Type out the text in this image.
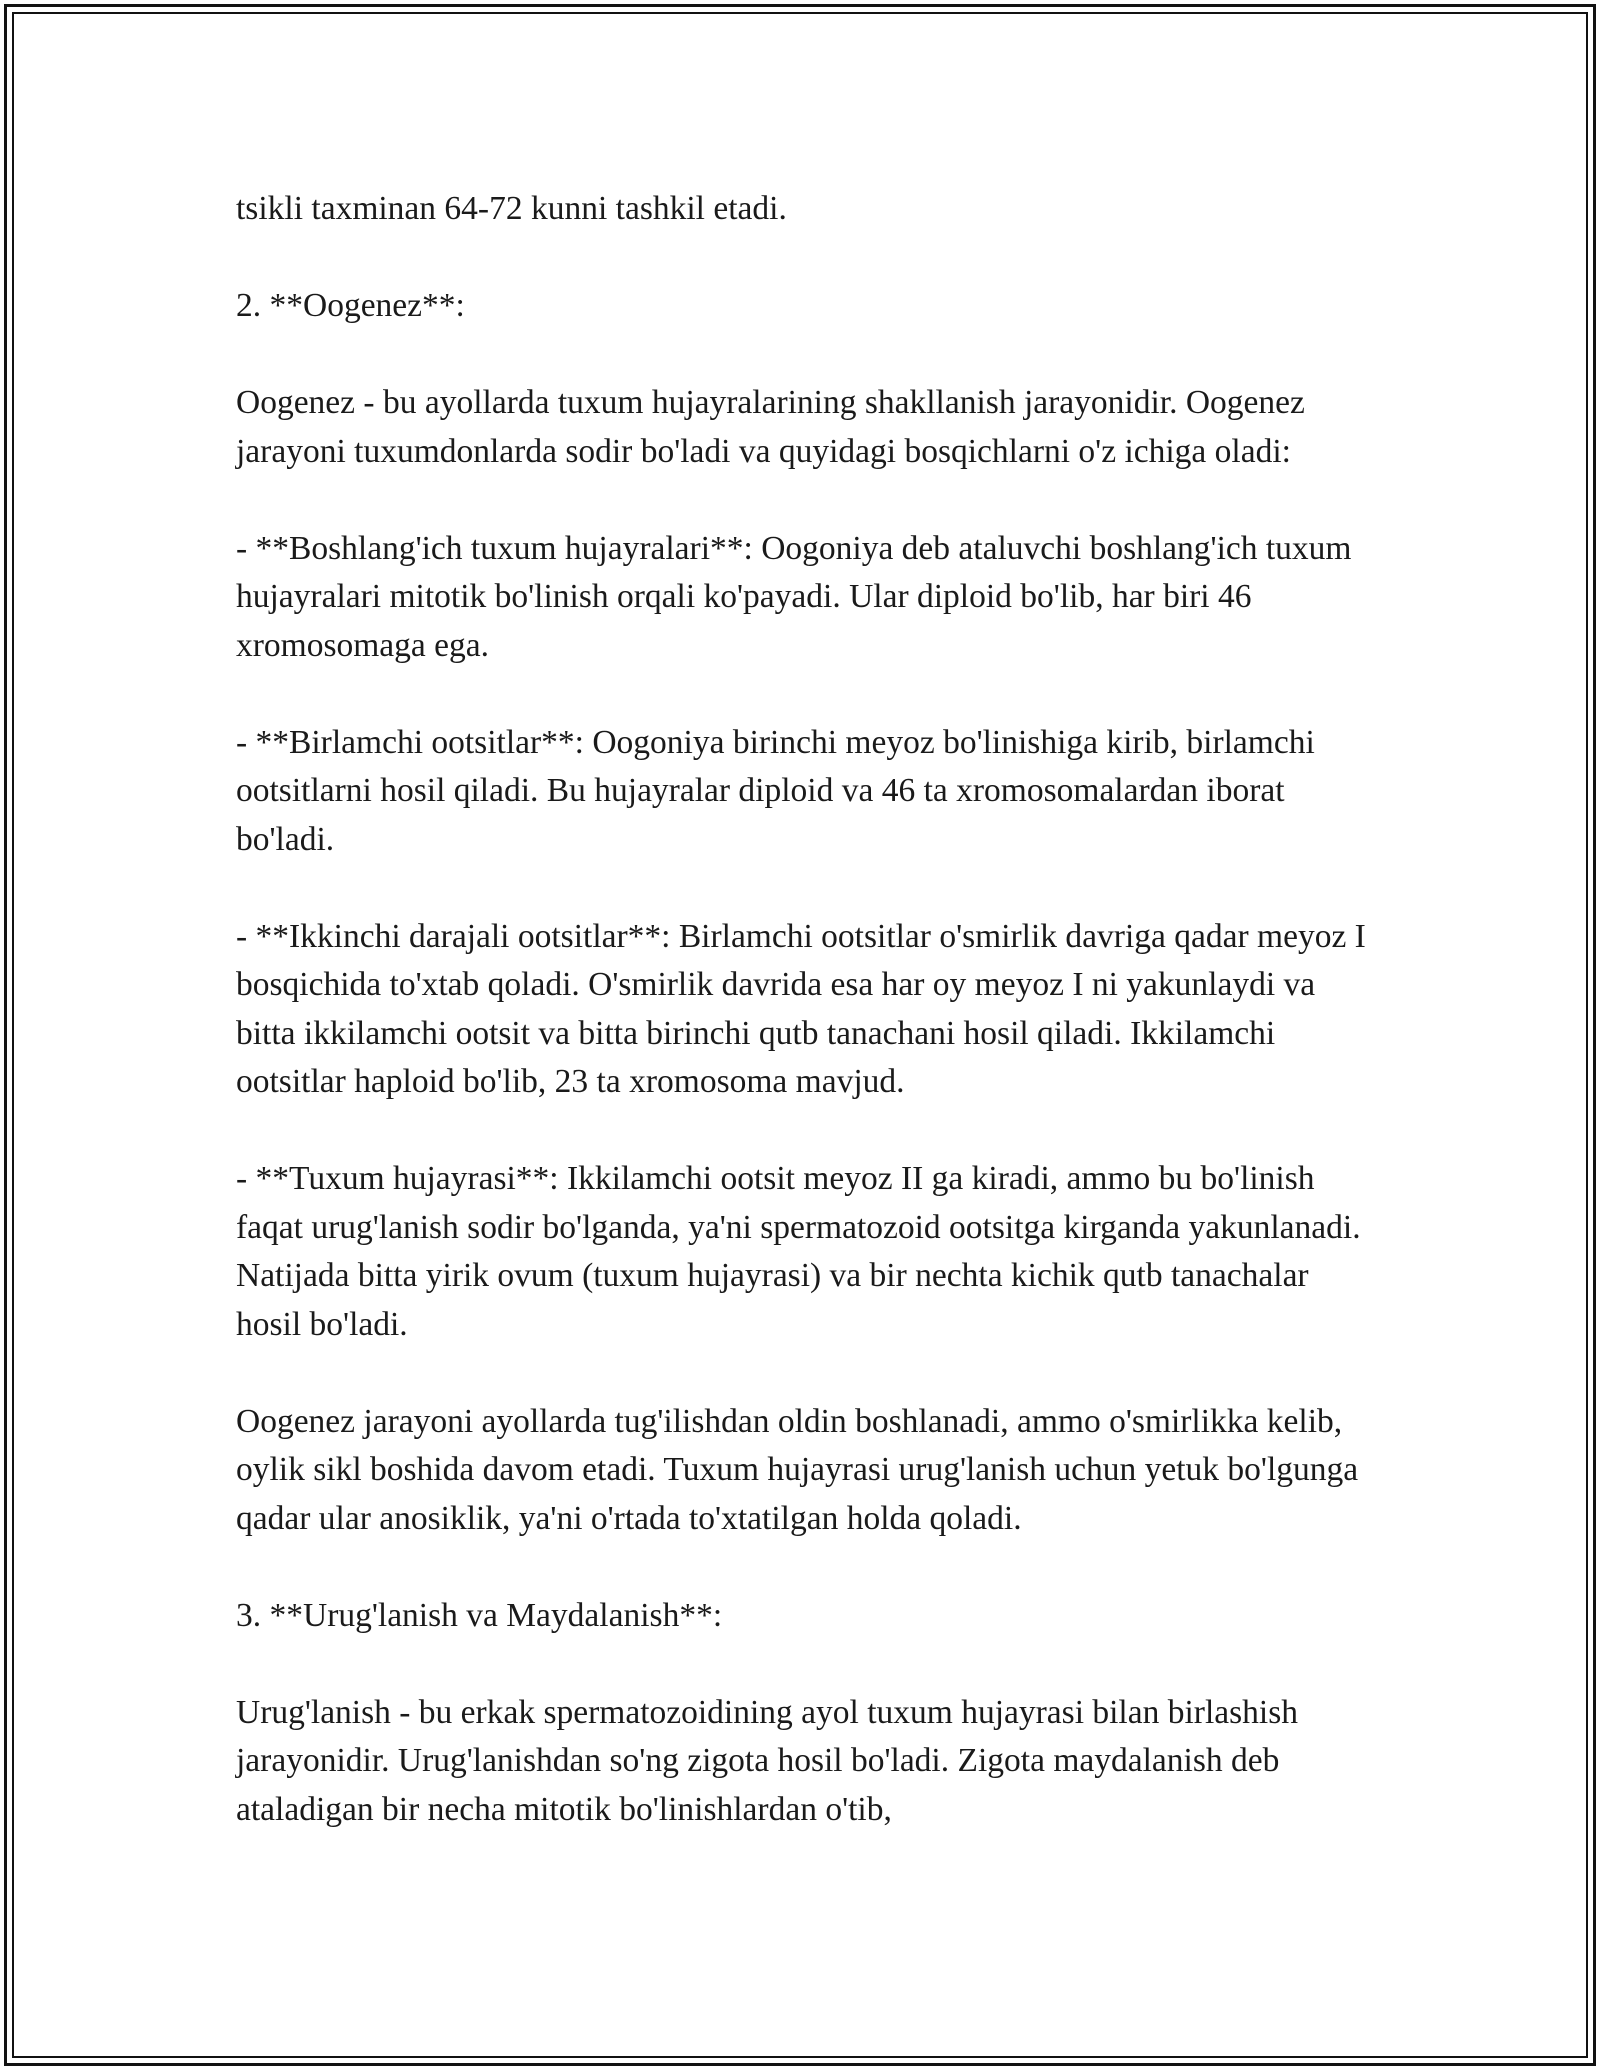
tsikli taxminan 64-72 kunni tashkil etadi.

2. **Oogenez**:

Oogenez - bu ayollarda tuxum hujayralarining shakllanish jarayonidir. Oogenez jarayoni tuxumdonlarda sodir bo'ladi va quyidagi bosqichlarni o'z ichiga oladi:

- **Boshlang'ich tuxum hujayralari**: Oogoniya deb ataluvchi boshlang'ich tuxum hujayralari mitotik bo'linish orqali ko'payadi. Ular diploid bo'lib, har biri 46 xromosomaga ega.

- **Birlamchi ootsitlar**: Oogoniya birinchi meyoz bo'linishiga kirib, birlamchi ootsitlarni hosil qiladi. Bu hujayralar diploid va 46 ta xromosomalardan iborat bo'ladi.

- **Ikkinchi darajali ootsitlar**: Birlamchi ootsitlar o'smirlik davriga qadar meyoz I bosqichida to'xtab qoladi. O'smirlik davrida esa har oy meyoz I ni yakunlaydi va bitta ikkilamchi ootsit va bitta birinchi qutb tanachani hosil qiladi. Ikkilamchi ootsitlar haploid bo'lib, 23 ta xromosoma mavjud.

- **Tuxum hujayrasi**: Ikkilamchi ootsit meyoz II ga kiradi, ammo bu bo'linish faqat urug'lanish sodir bo'lganda, ya'ni spermatozoid ootsitga kirganda yakunlanadi. Natijada bitta yirik ovum (tuxum hujayrasi) va bir nechta kichik qutb tanachalar hosil bo'ladi.

Oogenez jarayoni ayollarda tug'ilishdan oldin boshlanadi, ammo o'smirlikka kelib, oylik sikl boshida davom etadi. Tuxum hujayrasi urug'lanish uchun yetuk bo'lgunga qadar ular anosiklik, ya'ni o'rtada to'xtatilgan holda qoladi.

3. **Urug'lanish va Maydalanish**:

Urug'lanish - bu erkak spermatozoidining ayol tuxum hujayrasi bilan birlashish jarayonidir. Urug'lanishdan so'ng zigota hosil bo'ladi. Zigota maydalanish deb ataladigan bir necha mitotik bo'linishlardan o'tib,
